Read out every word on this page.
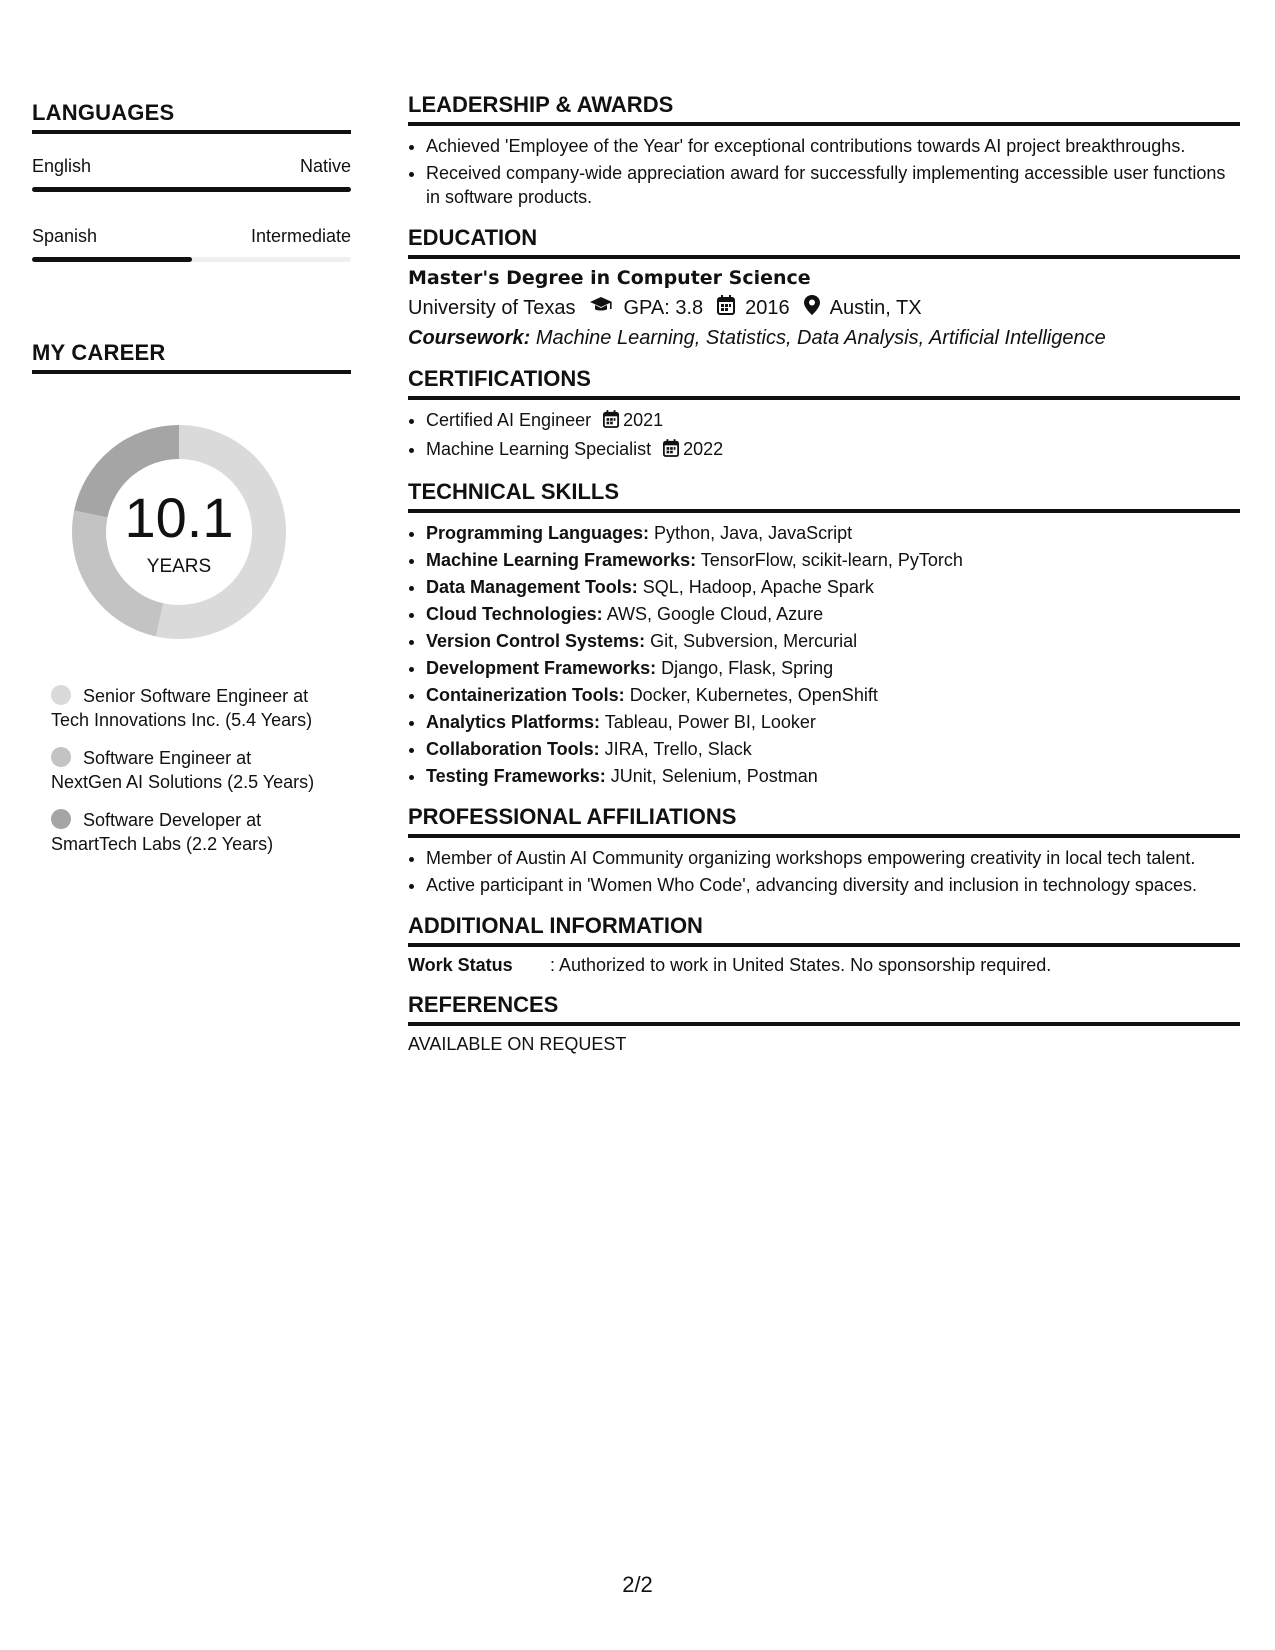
LANGUAGES
English	Native
Spanish	Intermediate
MY CAREER
10.1
YEARS
Senior Software Engineer at
Tech Innovations Inc. (5.4 Years)
Software Engineer at
NextGen AI Solutions (2.5 Years)
Software Developer at
SmartTech Labs (2.2 Years)
LEADERSHIP & AWARDS
• Achieved 'Employee of the Year' for exceptional contributions towards AI project breakthroughs.
• Received company-wide appreciation award for successfully implementing accessible user functions in software products.
EDUCATION
Master's Degree in Computer Science
University of Texas GPA: 3.8 2016 Austin, TX
Coursework: Machine Learning, Statistics, Data Analysis, Artificial Intelligence
CERTIFICATIONS
• Certified AI Engineer 2021
• Machine Learning Specialist 2022
TECHNICAL SKILLS
• Programming Languages: Python, Java, JavaScript
• Machine Learning Frameworks: TensorFlow, scikit-learn, PyTorch
• Data Management Tools: SQL, Hadoop, Apache Spark
• Cloud Technologies: AWS, Google Cloud, Azure
• Version Control Systems: Git, Subversion, Mercurial
• Development Frameworks: Django, Flask, Spring
• Containerization Tools: Docker, Kubernetes, OpenShift
• Analytics Platforms: Tableau, Power BI, Looker
• Collaboration Tools: JIRA, Trello, Slack
• Testing Frameworks: JUnit, Selenium, Postman
PROFESSIONAL AFFILIATIONS
• Member of Austin AI Community organizing workshops empowering creativity in local tech talent.
• Active participant in 'Women Who Code', advancing diversity and inclusion in technology spaces.
ADDITIONAL INFORMATION
Work Status	: Authorized to work in United States. No sponsorship required.
REFERENCES
AVAILABLE ON REQUEST
2/2
